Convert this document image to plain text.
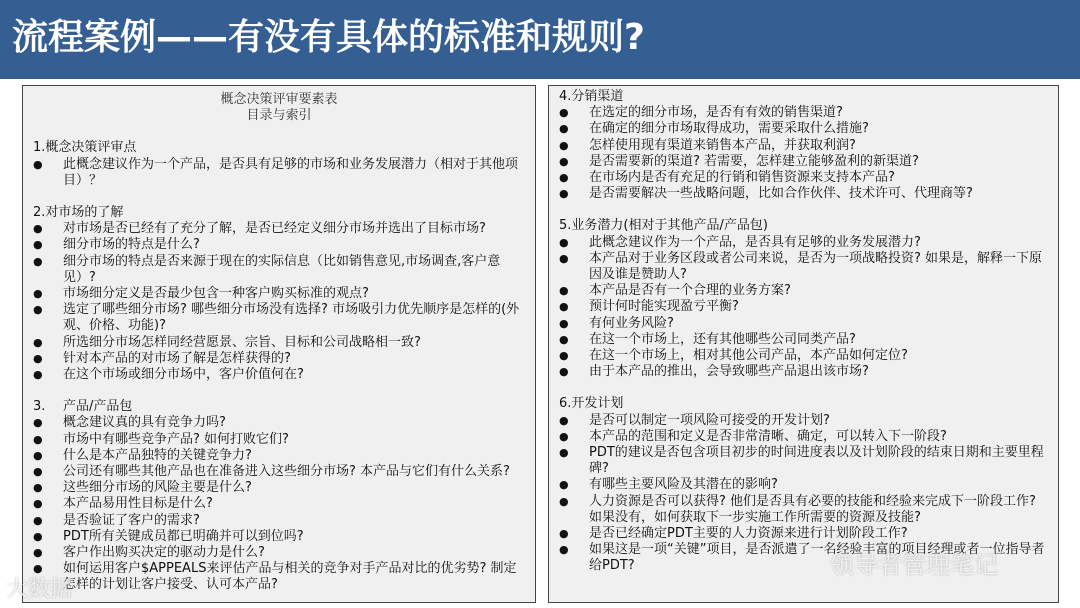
流程案例——有没有具体的标准和规则?
概念决策评审要素表
目录与索引
1.概念决策评审点
● 此概念建议作为一个产品，是否具有足够的市场和业务发展潜力（相对于其他项目）？
2.对市场的了解
● 对市场是否已经有了充分了解，是否已经定义细分市场并选出了目标市场?
● 细分市场的特点是什么?
● 细分市场的特点是否来源于现在的实际信息（比如销售意见,市场调查,客户意见）?
● 市场细分定义是否最少包含一种客户购买标准的观点?
● 选定了哪些细分市场? 哪些细分市场没有选择? 市场吸引力优先顺序是怎样的(外观、价格、功能)?
● 所选细分市场怎样同经营愿景、宗旨、目标和公司战略相一致?
● 针对本产品的对市场了解是怎样获得的?
● 在这个市场或细分市场中，客户价值何在?
3. 产品/产品包
● 概念建议真的具有竞争力吗?
● 市场中有哪些竞争产品? 如何打败它们?
● 什么是本产品独特的关键竞争力?
● 公司还有哪些其他产品也在准备进入这些细分市场? 本产品与它们有什么关系?
● 这些细分市场的风险主要是什么?
● 本产品易用性目标是什么?
● 是否验证了客户的需求?
● PDT所有关键成员都已明确并可以到位吗?
● 客户作出购买决定的驱动力是什么?
● 如何运用客户$APPEALS来评估产品与相关的竞争对手产品对比的优劣势? 制定怎样的计划让客户接受、认可本产品?
4.分销渠道
● 在选定的细分市场，是否有有效的销售渠道?
● 在确定的细分市场取得成功，需要采取什么措施?
● 怎样使用现有渠道来销售本产品，并获取利润?
● 是否需要新的渠道? 若需要，怎样建立能够盈利的新渠道?
● 在市场内是否有充足的行销和销售资源来支持本产品?
● 是否需要解决一些战略问题，比如合作伙伴、技术许可、代理商等?
5.业务潜力(相对于其他产品/产品包)
● 此概念建议作为一个产品，是否具有足够的业务发展潜力?
● 本产品对于业务区段或者公司来说，是否为一项战略投资? 如果是，解释一下原因及谁是赞助人?
● 本产品是否有一个合理的业务方案?
● 预计何时能实现盈亏平衡?
● 有何业务风险?
● 在这一个市场上，还有其他哪些公司同类产品?
● 在这一个市场上，相对其他公司产品，本产品如何定位?
● 由于本产品的推出，会导致哪些产品退出该市场?
6.开发计划
● 是否可以制定一项风险可接受的开发计划?
● 本产品的范围和定义是否非常清晰、确定，可以转入下一阶段?
● PDT的建议是否包含项目初步的时间进度表以及计划阶段的结束日期和主要里程碑?
● 有哪些主要风险及其潜在的影响?
● 人力资源是否可以获得? 他们是否具有必要的技能和经验来完成下一阶段工作? 如果没有，如何获取下一步实施工作所需要的资源及技能?
● 是否已经确定PDT主要的人力资源来进行计划阶段工作?
● 如果这是一项“关键”项目，是否派遣了一名经验丰富的项目经理或者一位指导者给PDT?
大数据
领导者管理笔记
